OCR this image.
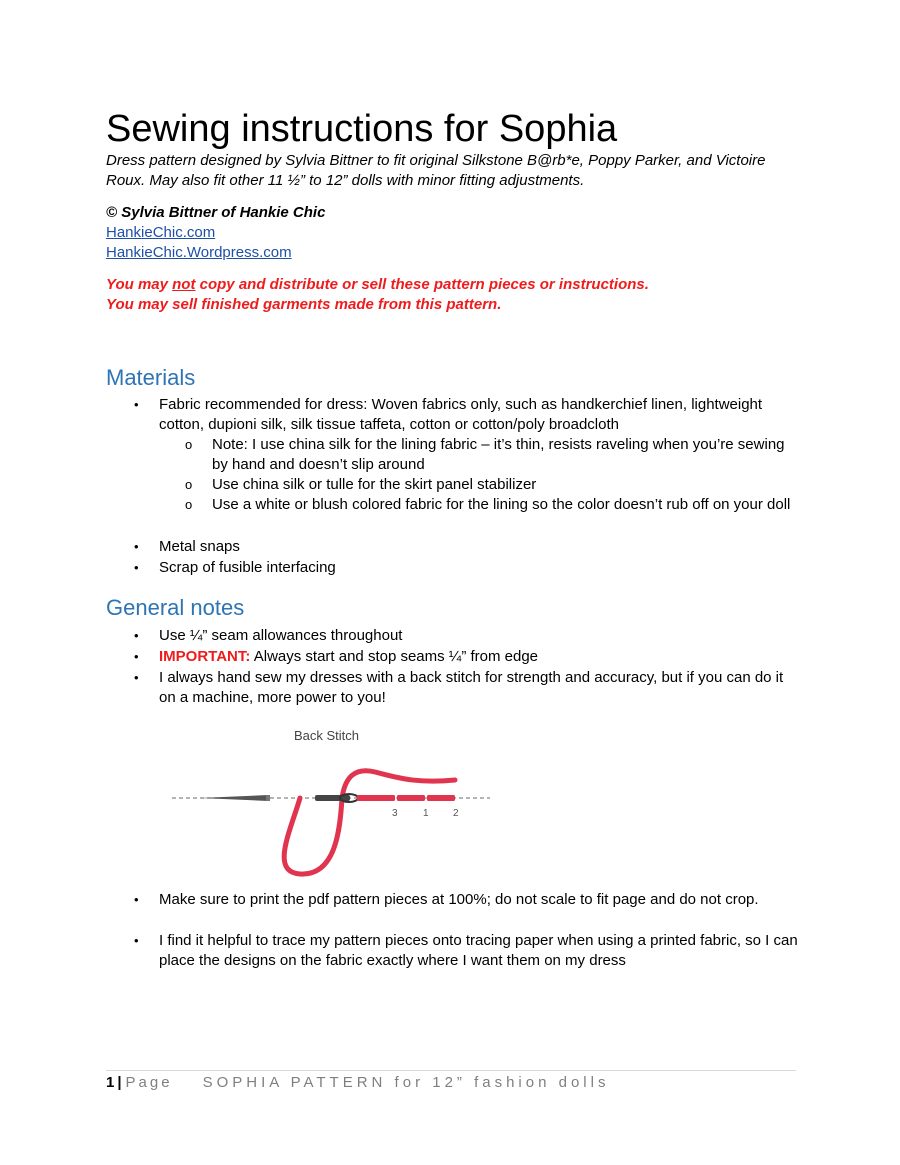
Sewing instructions for Sophia

Dress pattern designed by Sylvia Bittner to fit original Silkstone B@rb*e, Poppy Parker, and Victoire Roux. May also fit other 11 ½” to 12” dolls with minor fitting adjustments.

© Sylvia Bittner of Hankie Chic

HankieChic.com
HankieChic.Wordpress.com

You may not copy and distribute or sell these pattern pieces or instructions.

You may sell finished garments made from this pattern.

Materials

• Fabric recommended for dress: Woven fabrics only, such as handkerchief linen, lightweight cotton, dupioni silk, silk tissue taffeta, cotton or cotton/poly broadcloth

o Note: I use china silk for the lining fabric – it’s thin, resists raveling when you’re sewing by hand and doesn’t slip around

o Use china silk or tulle for the skirt panel stabilizer

o Use a white or blush colored fabric for the lining so the color doesn’t rub off on your doll

• Metal snaps

• Scrap of fusible interfacing

General notes

• Use ¼” seam allowances throughout

• IMPORTANT: Always start and stop seams ¼” from edge

• I always hand sew my dresses with a back stitch for strength and accuracy, but if you can do it on a machine, more power to you!

Back Stitch
3	1 2

• Make sure to print the pdf pattern pieces at 100%; do not scale to fit page and do not crop.

• I find it helpful to trace my pattern pieces onto tracing paper when using a printed fabric, so I can place the designs on the fabric exactly where I want them on my dress

1 | Page SOPHIA PATTERN for 12” fashion dolls
